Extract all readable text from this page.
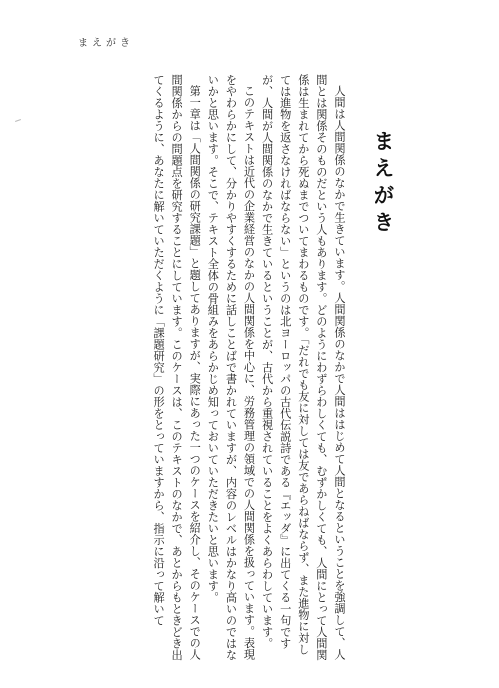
まえがき
まえがき

人間は人間関係のなかで生きています。人間関係のなかで人間ははじめて人間となるということを強調して、人間とは関係そのものだという人もあります。どのようにわずらわしくても、むずかしくても、人間にとって人間関係は生まれてから死ぬまでついてまわるものです。「だれでも友に対しては友であらねばならず、また進物に対しては進物を返さなければならない」というのは北ヨーロッパの古代伝説詩である『エッダ』に出てくる一句ですが、人間が人間関係のなかで生きているということが、古代から重視されていることをよくあらわしています。

このテキストは近代の企業経営のなかの人間関係を中心に、労務管理の領域での人間関係を扱っています。表現をやわらかにして、分かりやすくするために話しことばで書かれていますが、内容のレベルはかなり高いのではないかと思います。そこで、テキスト全体の骨組みをあらかじめ知っておいていただきたいと思います。

第一章は「人間関係の研究課題」と題してありますが、実際にあった一つのケースを紹介し、そのケースでの人間関係からの問題点を研究することにしています。このケースは、このテキストのなかで、あとからもときどき出てくるように、あなたに解いていただくように「課題研究」の形をとっていますから、指示に沿って解いて
